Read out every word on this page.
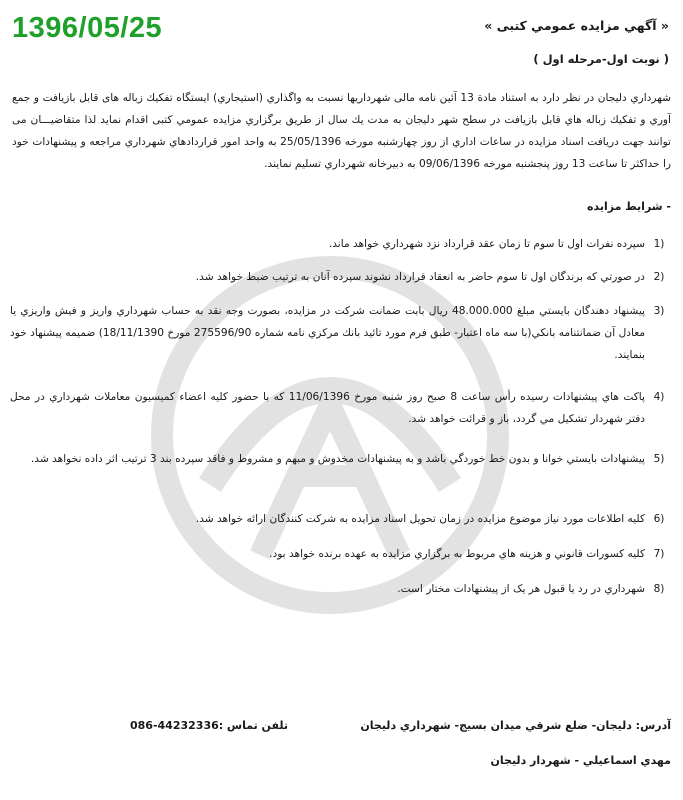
1396/05/25	« آگهي مزايده عمومي كتبی »
( نوبت اول-مرحله اول )
شهرداري دليجان در نظر دارد به استناد مادة 13 آئين نامه مالی شهرداريها نسبت به واگذاري (استيجاري) ايستگاه تفكيك زباله های قابل بازيافت و جمع آوري و تفكيك زباله هاي قابل بازيافت در سطح شهر دليجان به مدت يك سال از طريق برگزاري مزايده عمومي كتبی اقدام نمايد لذا متقاضيـــان مى توانند جهت دريافت اسناد مزايده در ساعات اداري از روز چهارشنبه مورخه 25/05/1396 به واحد امور قراردادهاي شهرداري مراجعه و پيشنهادات خود را حداكثر تا ساعت 13 روز پنجشنبه مورخه 09/06/1396 به دبيرخانه شهرداري تسليم نمايند.
- شرايط مزايده
1)
سپرده نفرات اول تا سوم تا زمان عقد قرارداد نزد شهرداري خواهد ماند.
2)
در صورتي كه برندگان اول تا سوم حاضر به انعقاد قرارداد نشوند سپرده آنان به ترتيب ضبط خواهد شد.
3)
پيشنهاد دهندگان بايستي مبلغ 48.000.000 ريال بابت ضمانت شركت در مزايده، بصورت وجه نقد به حساب شهرداري واريز و فيش واريزي يا معادل آن ضمانتنامه بانكي(با سه ماه اعتبار- طبق فرم مورد تائيد بانك مركزي نامه شماره 275596/90 مورخ 18/11/1390) ضميمه پيشنهاد خود بنمايند.
4)
پاكت هاي پيشنهادات رسيده رأس ساعت 8 صبح روز شنبه مورخ 11/06/1396 كه با حضور كليه اعضاء كميسيون معاملات شهرداري در محل دفتر شهردار تشكيل مي گردد، باز و قرائت خواهد شد.
5)
پيشنهادات بايستي خوانا و بدون خط خوردگي باشد و به پيشنهادات مخدوش و مبهم و مشروط و فاقد سپرده بند 3 ترتيب اثر داده نخواهد شد.
6)
كليه اطلاعات مورد نياز موضوع مزايده در زمان تحويل اسناد مزايده به شركت كنندگان ارائه خواهد شد.
7)
كليه كسورات قانوني و هزينه هاي مربوط به برگزاري مزايده به عهده برنده خواهد بود.
8)
شهرداري در رد يا قبول هر يک از پيشنهادات مختار است.
آدرس: دليجان- ضلع شرقي ميدان بسيج- شهرداري دليجان
تلفن تماس :
086-44232336
مهدي اسماعيلي - شهردار دليجان
